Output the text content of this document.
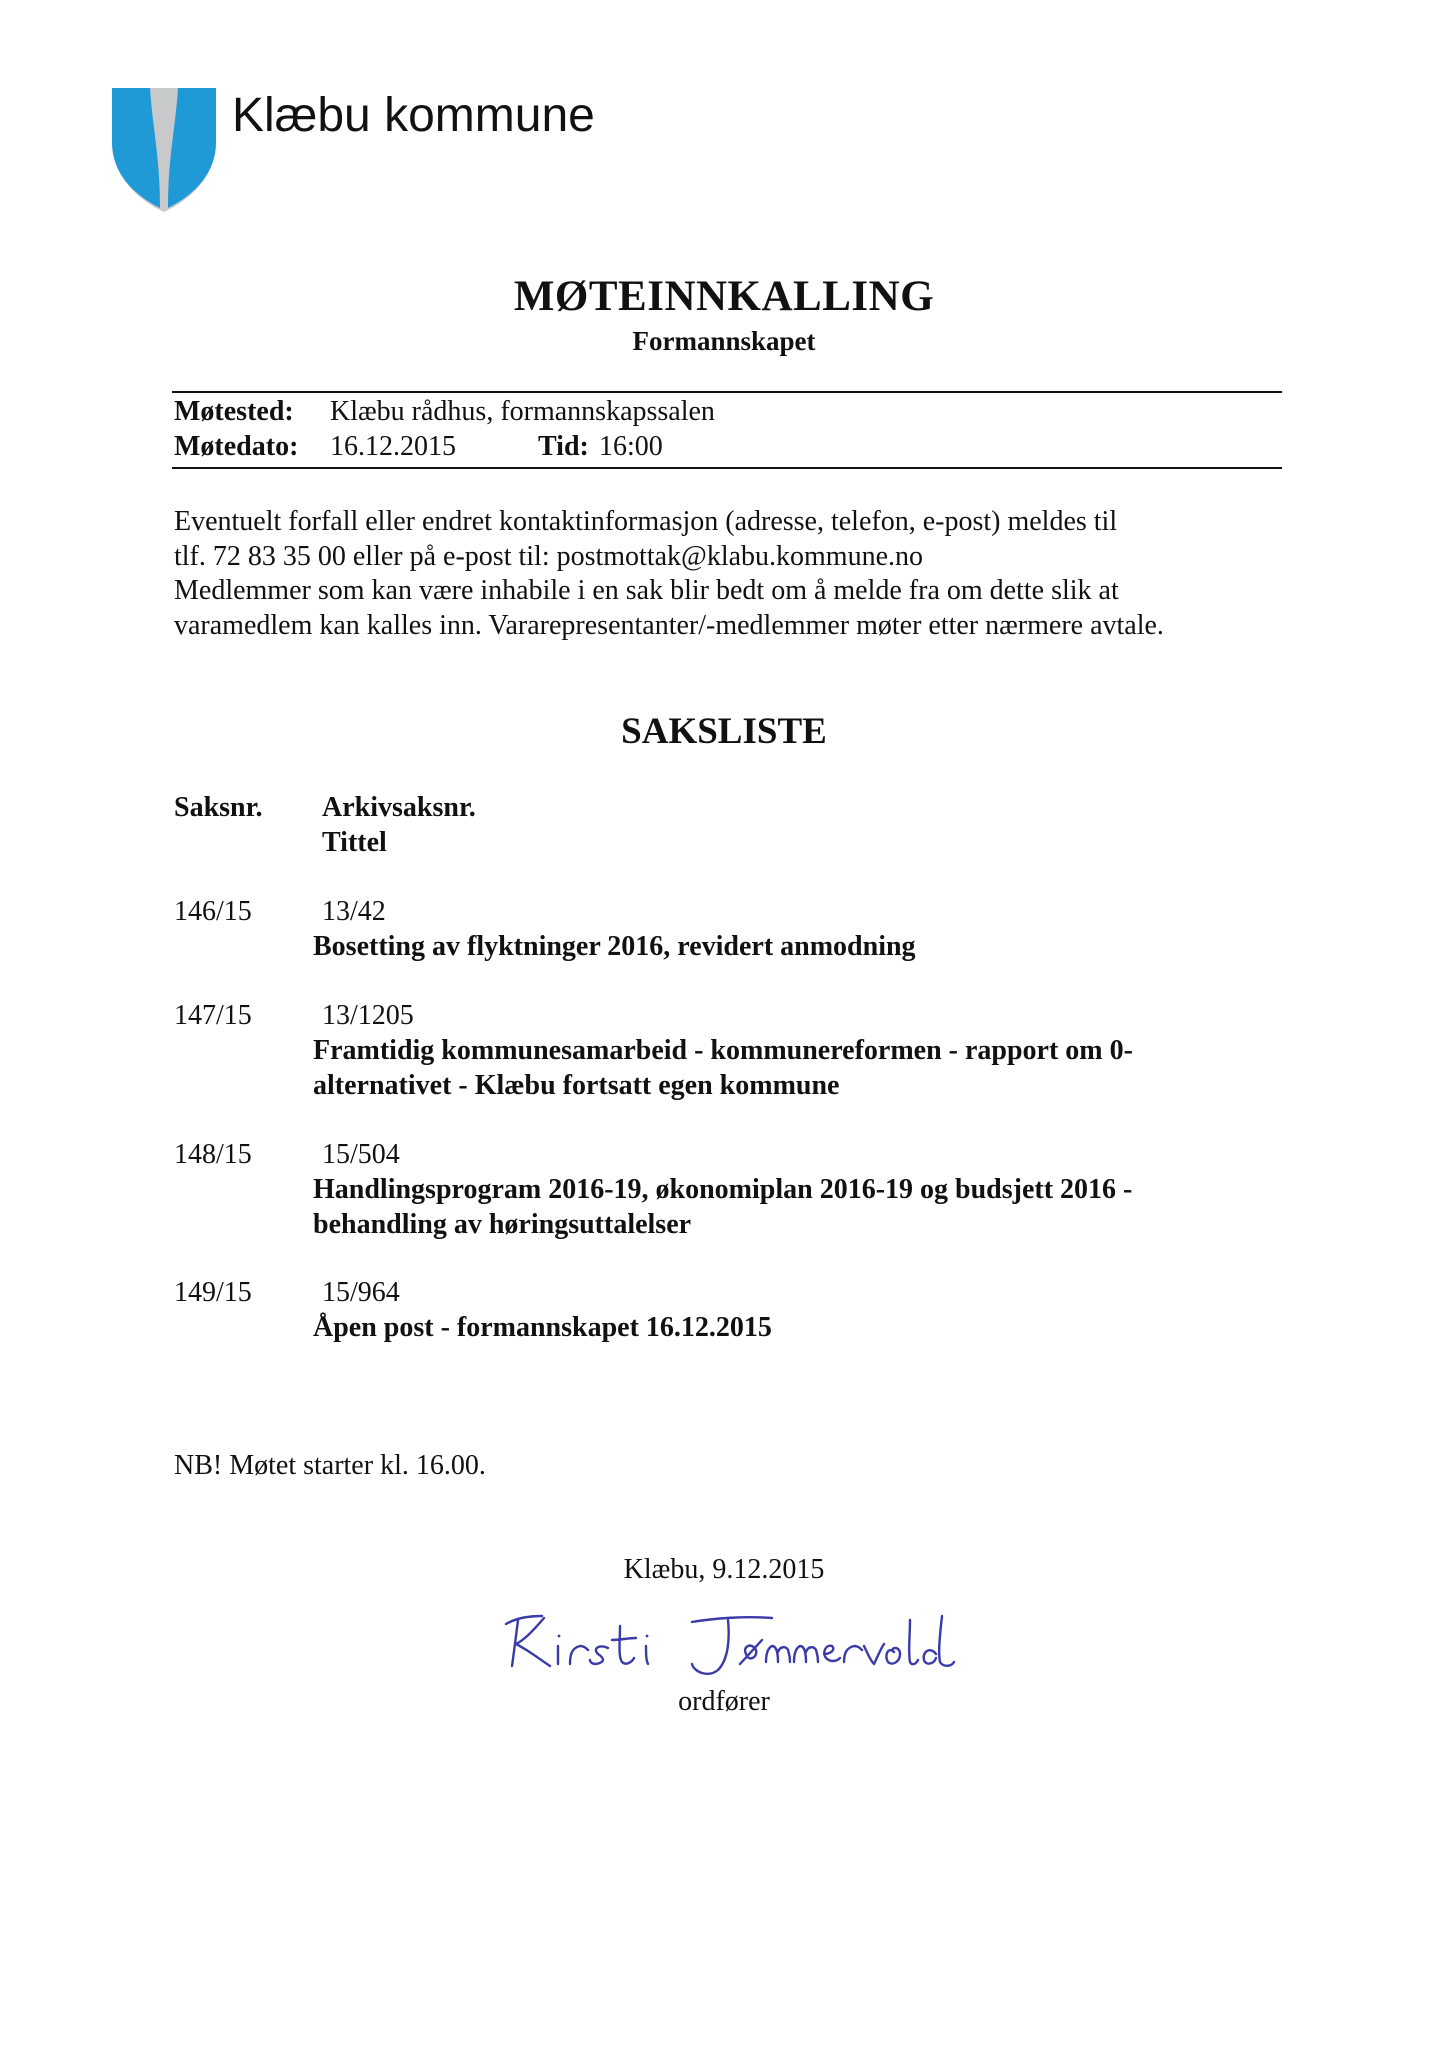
Klæbu kommune
MØTEINNKALLING
Formannskapet
Møtested: Klæbu rådhus, formannskapssalen
Møtedato: 16.12.2015	Tid: 16:00
Eventuelt forfall eller endret kontaktinformasjon (adresse, telefon, e-post) meldes til
tlf. 72 83 35 00 eller på e-post til: postmottak@klabu.kommune.no
Medlemmer som kan være inhabile i en sak blir bedt om å melde fra om dette slik at
varamedlem kan kalles inn. Vararepresentanter/-medlemmer møter etter nærmere avtale.
SAKSLISTE
Saksnr. Arkivsaksnr.
Tittel
146/15	13/42
Bosetting av flyktninger 2016, revidert anmodning
147/15	13/1205
Framtidig kommunesamarbeid - kommunereformen - rapport om 0-
alternativet - Klæbu fortsatt egen kommune
148/15	15/504
Handlingsprogram 2016-19, økonomiplan 2016-19 og budsjett 2016 -
behandling av høringsuttalelser
149/15	15/964
Åpen post - formannskapet 16.12.2015
NB! Møtet starter kl. 16.00.
Klæbu, 9.12.2015
ordfører
